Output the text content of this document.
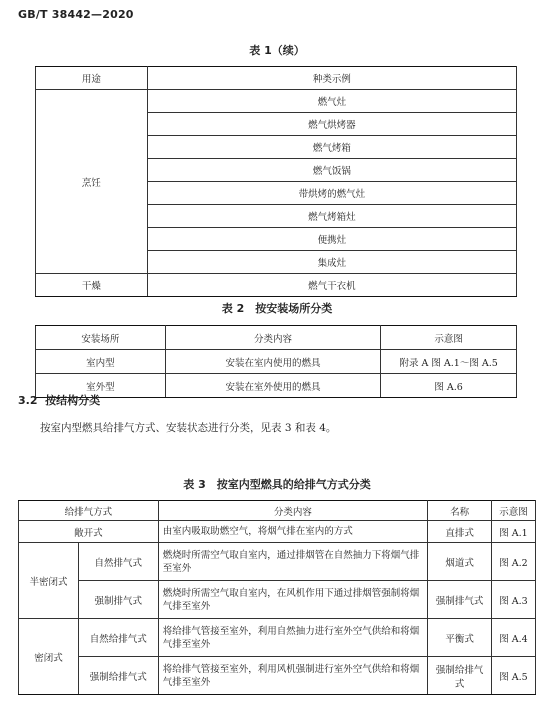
GB/T 38442—2020
表 1（续）
用途	种类示例
烹饪	燃气灶
	燃气烘烤器
	燃气烤箱
	燃气饭锅
	带烘烤的燃气灶
	燃气烤箱灶
	便携灶
	集成灶
干燥	燃气干衣机
表 2　按安装场所分类
安装场所	分类内容	示意图
室内型	安装在室内使用的燃具	附录 A 图 A.1～图 A.5
室外型	安装在室外使用的燃具	图 A.6
3.2 按结构分类
按室内型燃具给排气方式、安装状态进行分类，见表 3 和表 4。
表 3　按室内型燃具的给排气方式分类
给排气方式		分类内容	名称	示意图
敞开式		由室内吸取助燃空气，将烟气排在室内的方式	直排式	图 A.1
半密闭式	自然排气式	燃烧时所需空气取自室内，通过排烟管在自然抽力下将烟气排至室外	烟道式	图 A.2
	强制排气式	燃烧时所需空气取自室内，在风机作用下通过排烟管强制将烟气排至室外	强制排气式	图 A.3
密闭式	自然给排气式	将给排气管接至室外，利用自然抽力进行室外空气供给和将烟气排至室外	平衡式	图 A.4
	强制给排气式	将给排气管接至室外，利用风机强制进行室外空气供给和将烟气排至室外	强制给排气式	图 A.5
